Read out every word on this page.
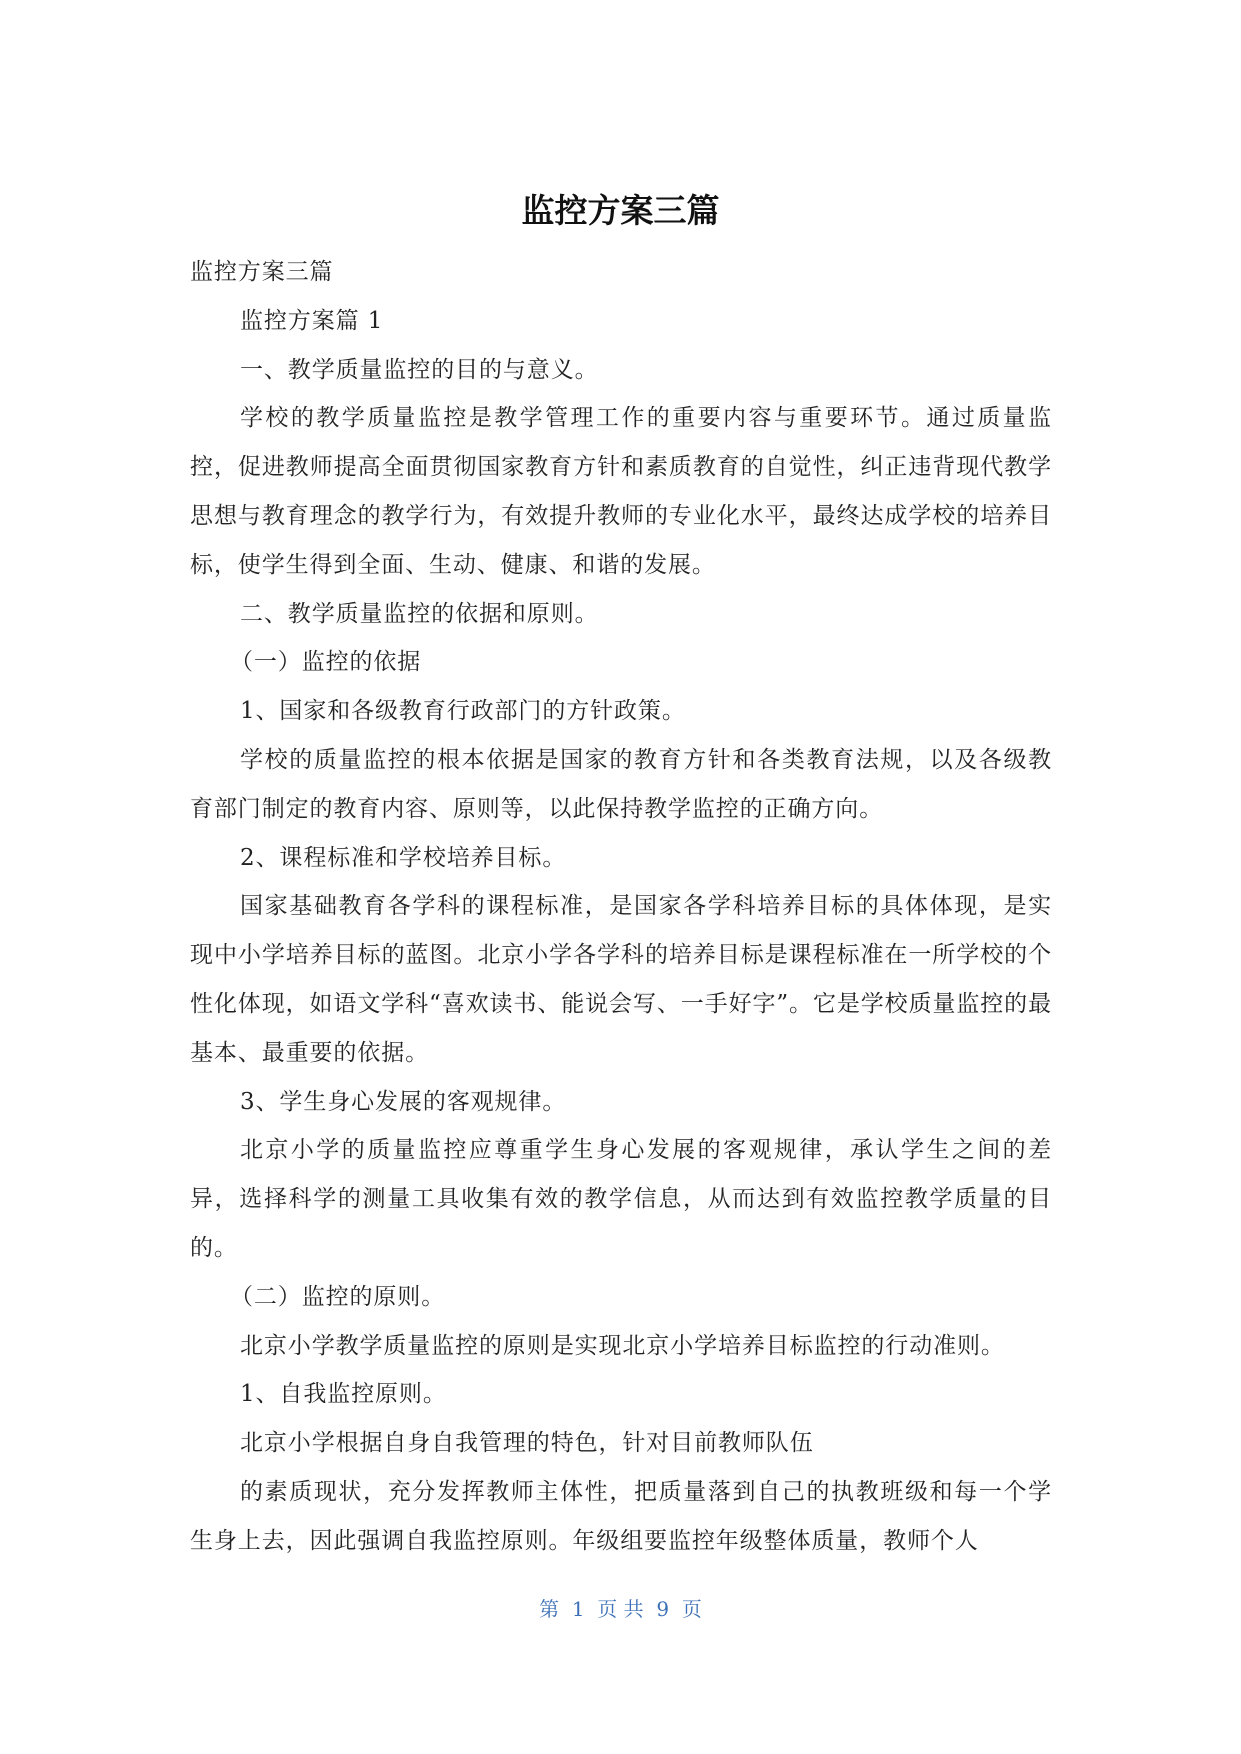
监控方案三篇

监控方案三篇

监控方案篇 1

一、教学质量监控的目的与意义。

学校的教学质量监控是教学管理工作的重要内容与重要环节。通过质量监控，促进教师提高全面贯彻国家教育方针和素质教育的自觉性，纠正违背现代教学思想与教育理念的教学行为，有效提升教师的专业化水平，最终达成学校的培养目标，使学生得到全面、生动、健康、和谐的发展。

二、教学质量监控的依据和原则。

（一）监控的依据

1、国家和各级教育行政部门的方针政策。

学校的质量监控的根本依据是国家的教育方针和各类教育法规，以及各级教育部门制定的教育内容、原则等，以此保持教学监控的正确方向。

2、课程标准和学校培养目标。

国家基础教育各学科的课程标准，是国家各学科培养目标的具体体现，是实现中小学培养目标的蓝图。北京小学各学科的培养目标是课程标准在一所学校的个性化体现，如语文学科“喜欢读书、能说会写、一手好字”。它是学校质量监控的最基本、最重要的依据。

3、学生身心发展的客观规律。

北京小学的质量监控应尊重学生身心发展的客观规律，承认学生之间的差异，选择科学的测量工具收集有效的教学信息，从而达到有效监控教学质量的目的。

（二）监控的原则。

北京小学教学质量监控的原则是实现北京小学培养目标监控的行动准则。

1、自我监控原则。

北京小学根据自身自我管理的特色，针对目前教师队伍

的素质现状，充分发挥教师主体性，把质量落到自己的执教班级和每一个学生身上去，因此强调自我监控原则。年级组要监控年级整体质量，教师个人

第  1  页 共  9  页
